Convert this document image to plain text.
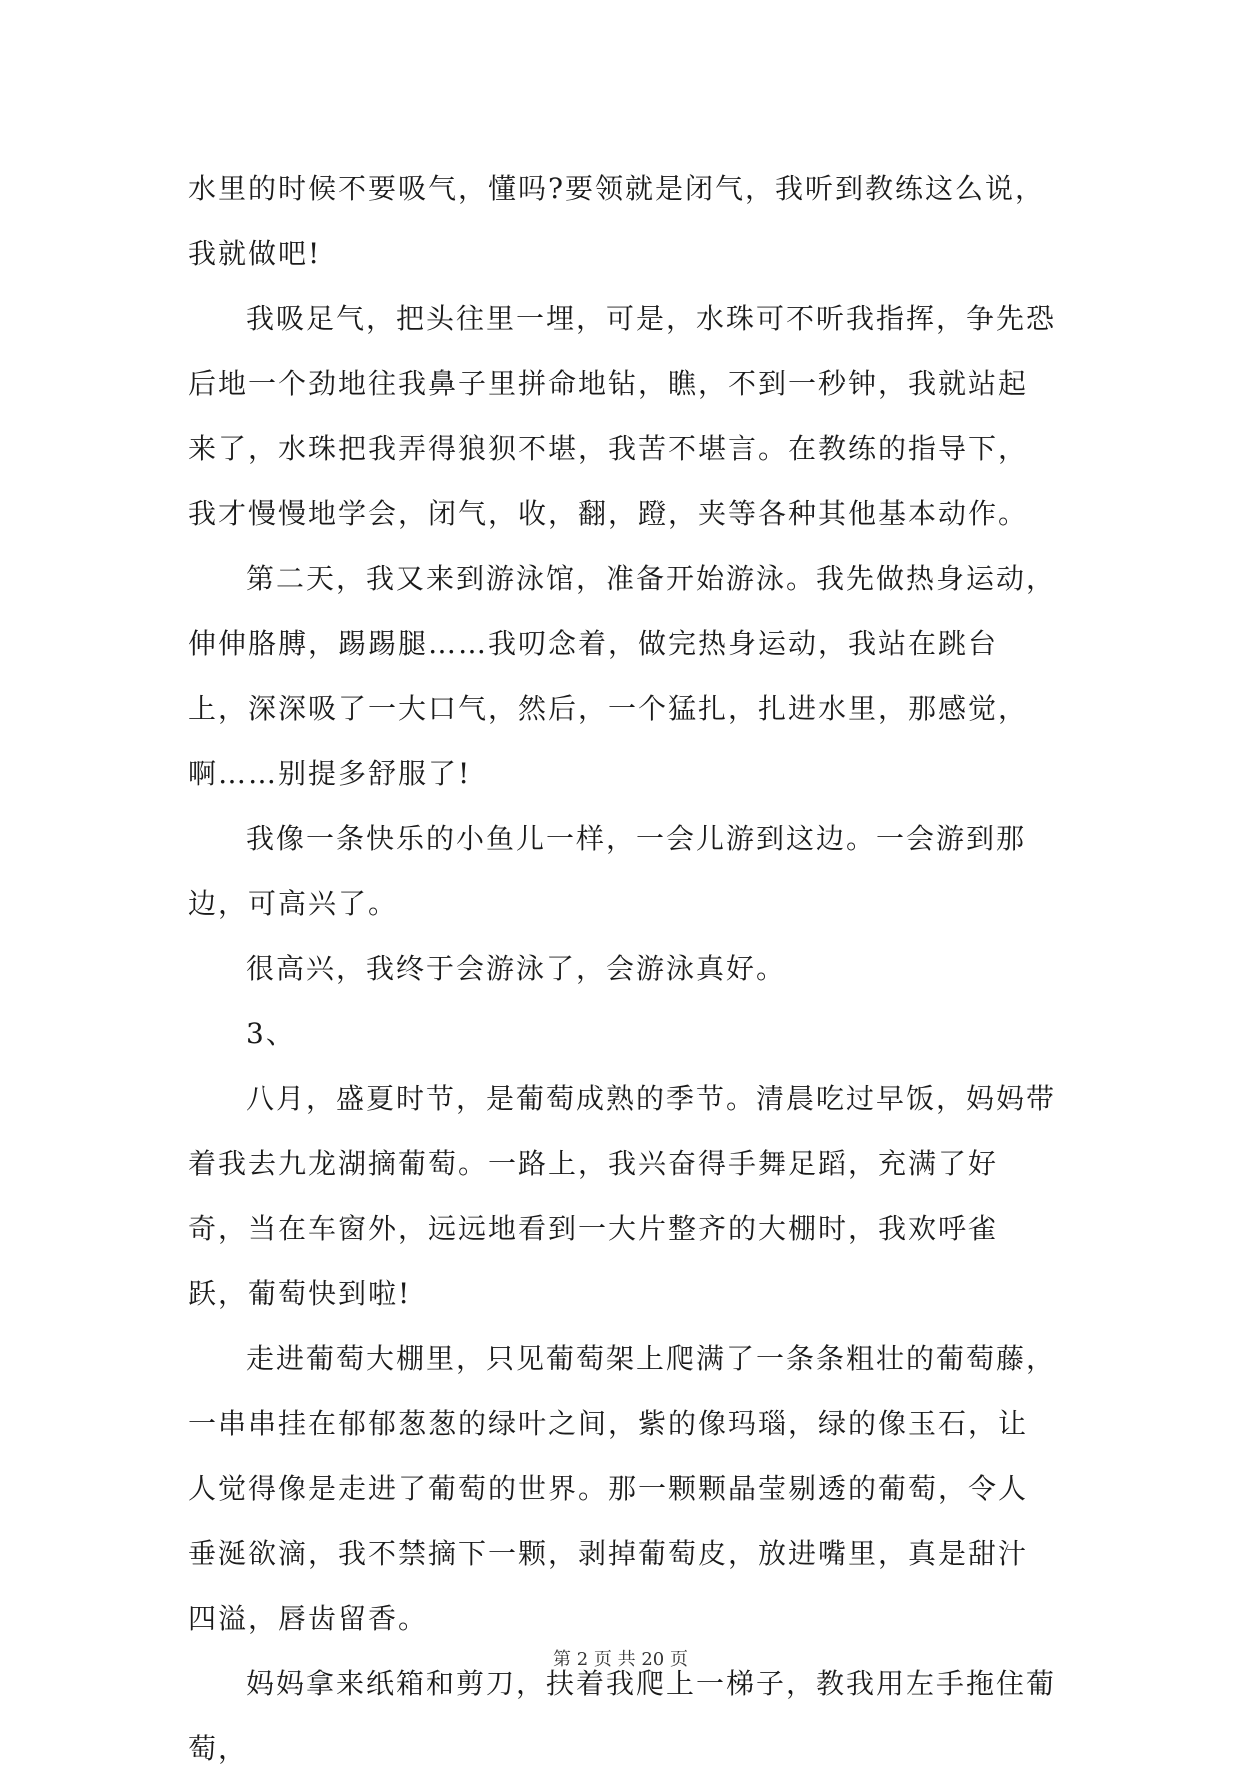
水里的时候不要吸气，懂吗?要领就是闭气，我听到教练这么说，我就做吧!

我吸足气，把头往里一埋，可是，水珠可不听我指挥，争先恐后地一个劲地往我鼻子里拼命地钻，瞧，不到一秒钟，我就站起来了，水珠把我弄得狼狈不堪，我苦不堪言。在教练的指导下，我才慢慢地学会，闭气，收，翻，蹬，夹等各种其他基本动作。

第二天，我又来到游泳馆，准备开始游泳。我先做热身运动，伸伸胳膊，踢踢腿……我叨念着，做完热身运动，我站在跳台上，深深吸了一大口气，然后，一个猛扎，扎进水里，那感觉，啊……别提多舒服了!

我像一条快乐的小鱼儿一样，一会儿游到这边。一会游到那边，可高兴了。

很高兴，我终于会游泳了，会游泳真好。

3、

八月，盛夏时节，是葡萄成熟的季节。清晨吃过早饭，妈妈带着我去九龙湖摘葡萄。一路上，我兴奋得手舞足蹈，充满了好奇，当在车窗外，远远地看到一大片整齐的大棚时，我欢呼雀跃，葡萄快到啦!

走进葡萄大棚里，只见葡萄架上爬满了一条条粗壮的葡萄藤，一串串挂在郁郁葱葱的绿叶之间，紫的像玛瑙，绿的像玉石，让人觉得像是走进了葡萄的世界。那一颗颗晶莹剔透的葡萄，令人垂涎欲滴，我不禁摘下一颗，剥掉葡萄皮，放进嘴里，真是甜汁四溢，唇齿留香。

妈妈拿来纸箱和剪刀，扶着我爬上一梯子，教我用左手拖住葡萄，

第 2 页 共 20 页
